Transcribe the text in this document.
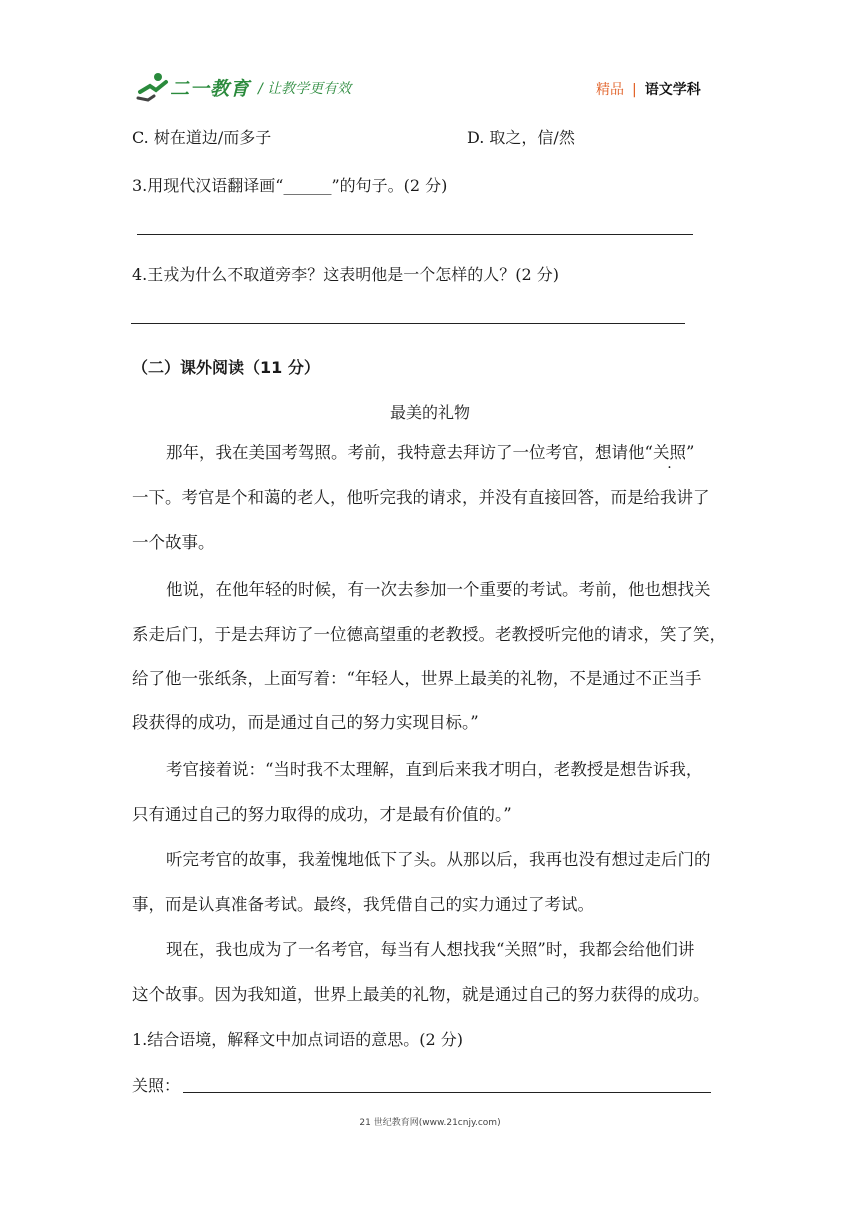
二一教育 / 让教学更有效	精品 | 语文学科
C. 树在道边/而多子	D. 取之，信/然
3.用现代汉语翻译画“______”的句子。(2 分)
4.王戎为什么不取道旁李？这表明他是一个怎样的人？(2 分)
（二）课外阅读（11 分）
最美的礼物
那年，我在美国考驾照。考前，我特意去拜访了一位考官，想请他“关照”
一下。考官是个和蔼的老人，他听完我的请求，并没有直接回答，而是给我讲了
一个故事。
他说，在他年轻的时候，有一次去参加一个重要的考试。考前，他也想找关
系走后门，于是去拜访了一位德高望重的老教授。老教授听完他的请求，笑了笑，
给了他一张纸条，上面写着：“年轻人，世界上最美的礼物，不是通过不正当手
段获得的成功，而是通过自己的努力实现目标。”
考官接着说：“当时我不太理解，直到后来我才明白，老教授是想告诉我，
只有通过自己的努力取得的成功，才是最有价值的。”
听完考官的故事，我羞愧地低下了头。从那以后，我再也没有想过走后门的
事，而是认真准备考试。最终，我凭借自己的实力通过了考试。
现在，我也成为了一名考官，每当有人想找我“关照”时，我都会给他们讲
这个故事。因为我知道，世界上最美的礼物，就是通过自己的努力获得的成功。
1.结合语境，解释文中加点词语的意思。(2 分)
关照：
21 世纪教育网(www.21cnjy.com)
